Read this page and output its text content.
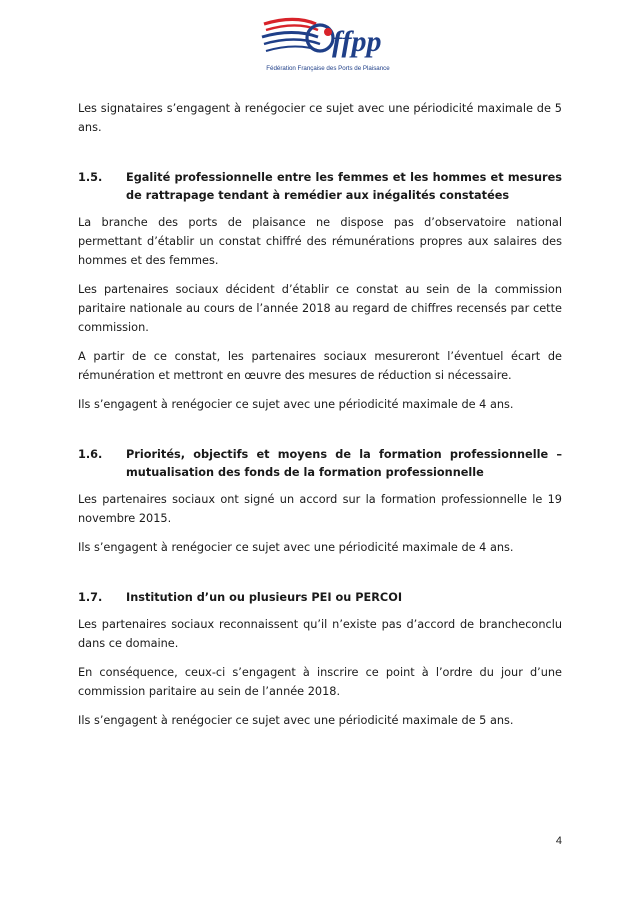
ffpp
Fédération Française des Ports de Plaisance

Les signataires s’engagent à renégocier ce sujet avec une périodicité maximale de 5 ans.

1.5.	Egalité professionnelle entre les femmes et les hommes et mesures de rattrapage tendant à remédier aux inégalités constatées

La branche des ports de plaisance ne dispose pas d’observatoire national permettant d’établir un constat chiffré des rémunérations propres aux salaires des hommes et des femmes.

Les partenaires sociaux décident d’établir ce constat au sein de la commission paritaire nationale au cours de l’année 2018 au regard de chiffres recensés par cette commission.

A partir de ce constat, les partenaires sociaux mesureront l’éventuel écart de rémunération et mettront en œuvre des mesures de réduction si nécessaire.

Ils s’engagent à renégocier ce sujet avec une périodicité maximale de 4 ans.

1.6.	Priorités, objectifs et moyens de la formation professionnelle – mutualisation des fonds de la formation professionnelle

Les partenaires sociaux ont signé un accord sur la formation professionnelle le 19 novembre 2015.

Ils s’engagent à renégocier ce sujet avec une périodicité maximale de 4 ans.

1.7.	Institution d’un ou plusieurs PEI ou PERCOI

Les partenaires sociaux reconnaissent qu’il n’existe pas d’accord de brancheconclu dans ce domaine.

En conséquence, ceux-ci s’engagent à inscrire ce point à l’ordre du jour d’une commission paritaire au sein de l’année 2018.

Ils s’engagent à renégocier ce sujet avec une périodicité maximale de 5 ans.

4
